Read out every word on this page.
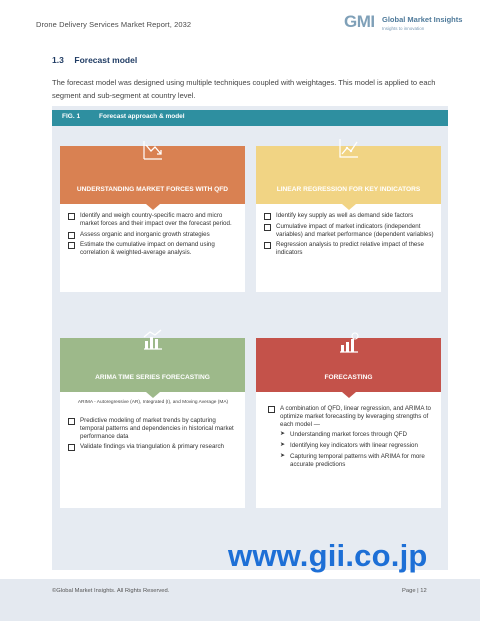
Drone Delivery Services Market Report, 2032	GMI Global Market Insights
Insights to innovation
1.3 Forecast model
The forecast model was designed using multiple techniques coupled with weightages. This model is applied to each segment and sub-segment at country level.
FIG. 1	Forecast approach & model
UNDERSTANDING MARKET FORCES WITH QFD
Identify and weigh country-specific macro and micro market forces and their impact over the forecast period.
Assess organic and inorganic growth strategies
Estimate the cumulative impact on demand using correlation & weighted-average analysis.
LINEAR REGRESSION FOR KEY INDICATORS
Identify key supply as well as demand side factors
Cumulative impact of market indicators (independent variables) and market performance (dependent variables)
Regression analysis to predict relative impact of these indicators
ARIMA TIME SERIES FORECASTING
ARIMA - Autoregressive (AR), Integrated (I), and Moving Average (MA)
Predictive modeling of market trends by capturing temporal patterns and dependencies in historical market performance data
Validate findings via triangulation & primary research
FORECASTING
A combination of QFD, linear regression, and ARIMA to optimize market forecasting by leveraging strengths of each model —
➤ Understanding market forces through QFD
➤ Identifying key indicators with linear regression
➤ Capturing temporal patterns with ARIMA for more accurate predictions
www.gii.co.jp
©Global Market Insights. All Rights Reserved.	Page | 12
